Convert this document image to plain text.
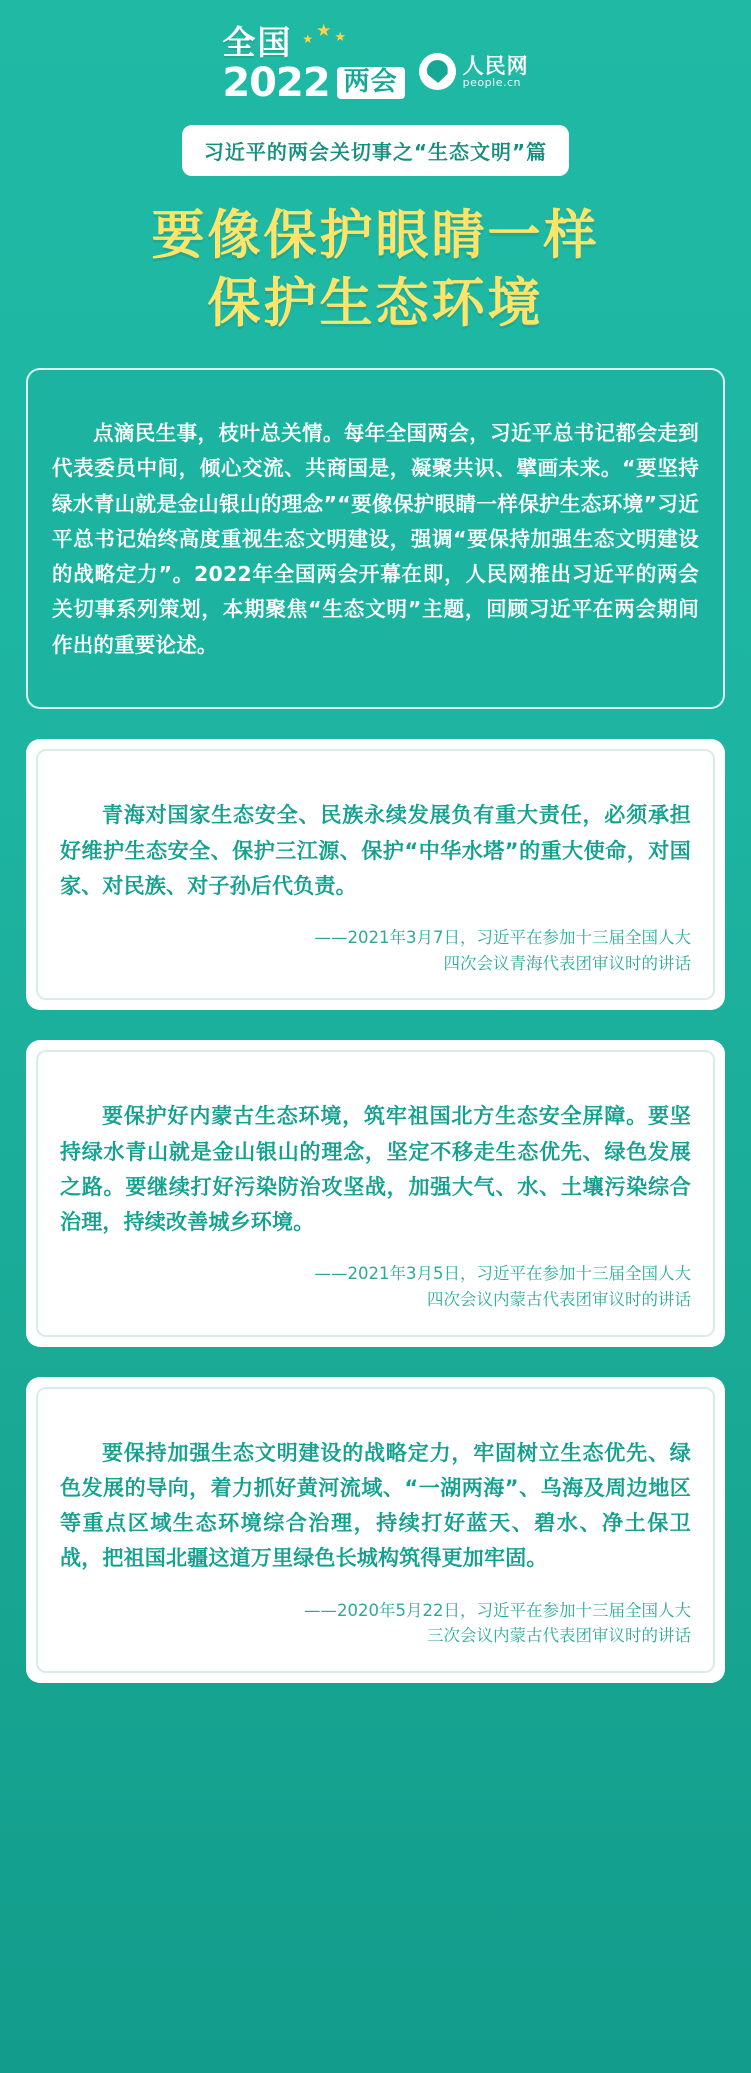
全国 ★ ★ ★
2022 两会
人民网
people.cn
习近平的两会关切事之“生态文明”篇
要像保护眼睛一样
保护生态环境

点滴民生事，枝叶总关情。每年全国两会，习近平总书记都会走到代表委员中间，倾心交流、共商国是，凝聚共识、擘画未来。“要坚持绿水青山就是金山银山的理念”“要像保护眼睛一样保护生态环境”习近平总书记始终高度重视生态文明建设，强调“要保持加强生态文明建设的战略定力”。2022年全国两会开幕在即，人民网推出习近平的两会关切事系列策划，本期聚焦“生态文明”主题，回顾习近平在两会期间作出的重要论述。

青海对国家生态安全、民族永续发展负有重大责任，必须承担好维护生态安全、保护三江源、保护“中华水塔”的重大使命，对国家、对民族、对子孙后代负责。

——2021年3月7日，习近平在参加十三届全国人大
四次会议青海代表团审议时的讲话

要保护好内蒙古生态环境，筑牢祖国北方生态安全屏障。要坚持绿水青山就是金山银山的理念，坚定不移走生态优先、绿色发展之路。要继续打好污染防治攻坚战，加强大气、水、土壤污染综合治理，持续改善城乡环境。

——2021年3月5日，习近平在参加十三届全国人大
四次会议内蒙古代表团审议时的讲话

要保持加强生态文明建设的战略定力，牢固树立生态优先、绿色发展的导向，着力抓好黄河流域、“一湖两海”、乌海及周边地区等重点区域生态环境综合治理，持续打好蓝天、碧水、净土保卫战，把祖国北疆这道万里绿色长城构筑得更加牢固。

——2020年5月22日，习近平在参加十三届全国人大
三次会议内蒙古代表团审议时的讲话
